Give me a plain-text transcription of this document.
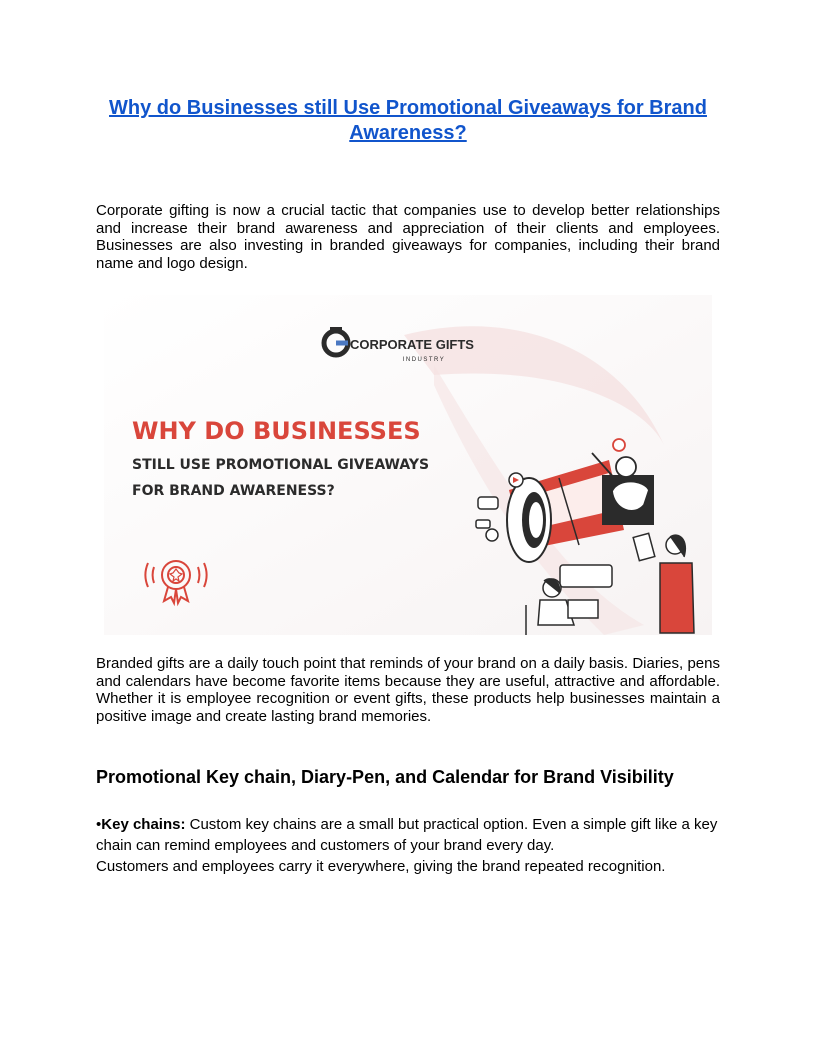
Why do Businesses still Use Promotional Giveaways for Brand Awareness?
Corporate gifting is now a crucial tactic that companies use to develop better relationships and increase their brand awareness and appreciation of their clients and employees. Businesses are also investing in branded giveaways for companies, including their brand name and logo design.
CORPORATE GIFTS
INDUSTRY
WHY DO BUSINESSES
STILL USE PROMOTIONAL GIVEAWAYS
FOR BRAND AWARENESS?
Branded gifts are a daily touch point that reminds of your brand on a daily basis. Diaries, pens and calendars have become favorite items because they are useful, attractive and affordable. Whether it is employee recognition or event gifts, these products help businesses maintain a positive image and create lasting brand memories.
Promotional Key chain, Diary-Pen, and Calendar for Brand Visibility
•Key chains: Custom key chains are a small but practical option. Even a simple gift like a key chain can remind employees and customers of your brand every day.
Customers and employees carry it everywhere, giving the brand repeated recognition.
